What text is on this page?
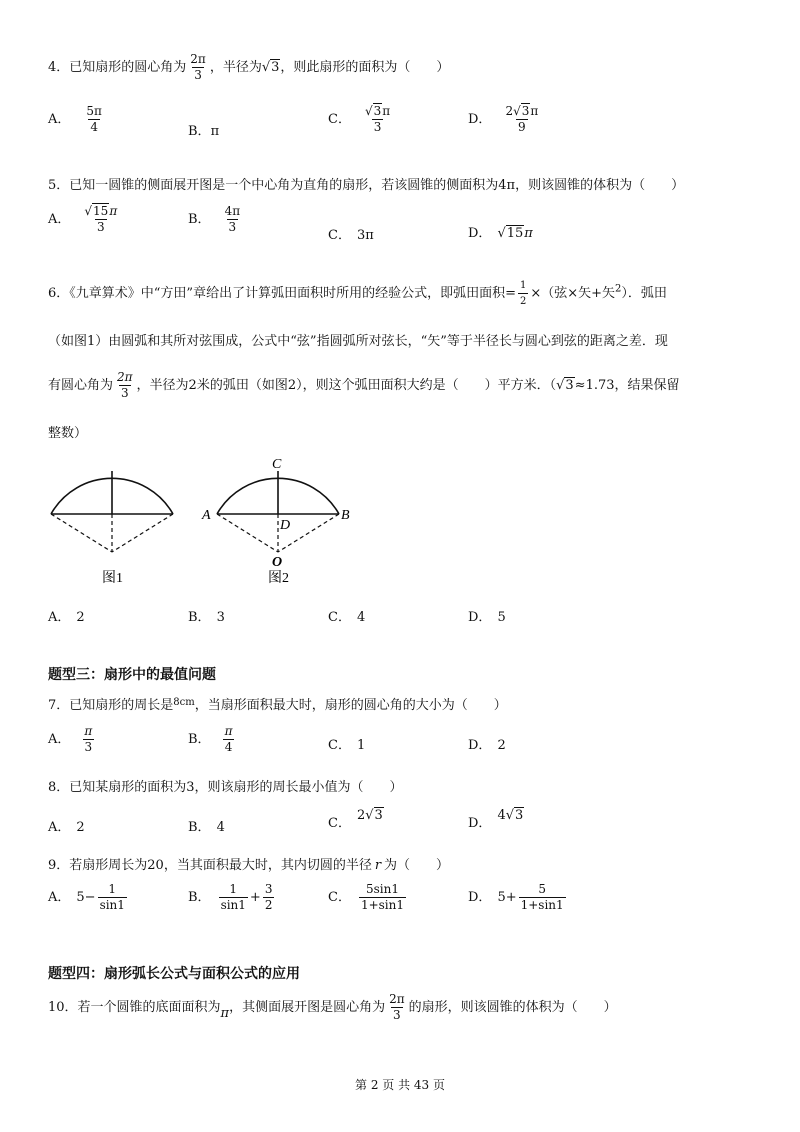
4．已知扇形的圆心角为 $\frac{2\pi}{3}$ ，半径为√3，则此扇形的面积为（　　）
A． $\frac{5\pi}{4}$	B．π
C． $\frac{√3\pi}{3}$	D． $\frac{2√3\pi}{9}$
5．已知一圆锥的侧面展开图是一个中心角为直角的扇形，若该圆锥的侧面积为4π，则该圆锥的体积为（　　）
A． $\frac{√15\pi}{3}$	B． $\frac{4\pi}{3}$
C． 3π	D． √15π
6．《九章算术》中“方田”章给出了计算弧田面积时所用的经验公式，即弧田面积= $\frac{1}{2}$ ×（弦×矢+矢$^2$）．弧田
（如图1）由圆弧和其所对弦围成，公式中“弦”指圆弧所对弦长，“矢”等于半径长与圆心到弦的距离之差．现
有圆心角为 $\frac{2\pi}{3}$ ，半径为2米的弧田（如图2），则这个弧田面积大约是（　　）平方米．（√3≈1.73，结果保留
整数）
图1
C
A	B
D
O
图2
A． 2	B． 3	C． 4	D． 5
题型三：扇形中的最值问题
7．已知扇形的周长是$^{8cm}$，当扇形面积最大时，扇形的圆心角的大小为（　　）
A． $\frac{\pi}{3}$	B． $\frac{\pi}{4}$	C． 1	D． 2
8．已知某扇形的面积为3，则该扇形的周长最小值为（　　）
A． 2	B． 4	C．2√3
D．4√3
9．若扇形周长为20，当其面积最大时，其内切圆的半径 r 为（　　）
A． $5- \frac{1}{\sin 1}$	B． $\frac{1}{\sin 1} + \frac{3}{2}$	C． $\frac{5\sin 1}{1+\sin 1}$	D． $5+ \frac{5}{1+\sin 1}$
题型四：扇形弧长公式与面积公式的应用
10．若一个圆锥的底面面积为π，其侧面展开图是圆心角为 $\frac{2\pi}{3}$ 的扇形，则该圆锥的体积为（　　）
第 2 页 共 43 页
